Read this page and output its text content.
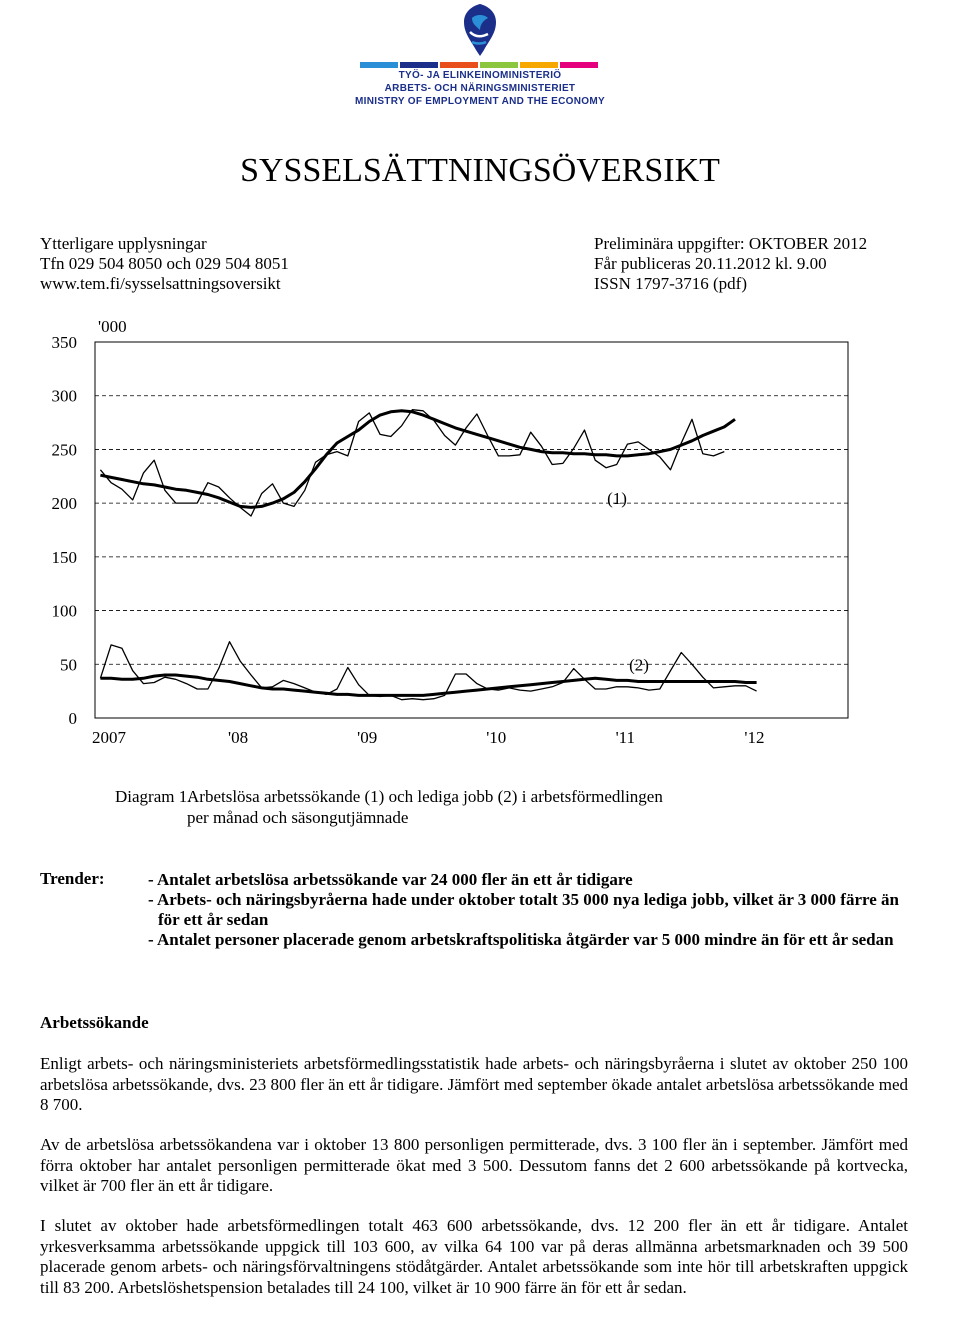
TYÖ- JA ELINKEINOMINISTERIÖ
ARBETS- OCH NÄRINGSMINISTERIET
MINISTRY OF EMPLOYMENT AND THE ECONOMY
SYSSELSÄTTNINGSÖVERSIKT
Ytterligare upplysningar
Tfn 029 504 8050 och 029 504 8051
www.tem.fi/sysselsattningsoversikt
Preliminära uppgifter: OKTOBER 2012
Får publiceras 20.11.2012 kl. 9.00
ISSN 1797-3716 (pdf)
0
50
100
150
200
250
300
350
'000
2007	'08	'09	'10	'11	'12
(1)
(2)
Diagram 1.
Arbetslösa arbetssökande (1) och lediga jobb (2) i arbetsförmedlingen
per månad och säsongutjämnade
Trender:	- Antalet arbetslösa arbetssökande var 24 000 fler än ett år tidigare
- Arbets- och näringsbyråerna hade under oktober totalt 35 000 nya lediga jobb, vilket är 3 000 färre än för ett år sedan
- Antalet personer placerade genom arbetskraftspolitiska åtgärder var 5 000 mindre än för ett år sedan
Arbetssökande

Enligt arbets- och näringsministeriets arbetsförmedlingsstatistik hade arbets- och näringsbyråerna i slutet av oktober 250 100 arbetslösa arbetssökande, dvs. 23 800 fler än ett år tidigare. Jämfört med september ökade antalet arbetslösa arbetssökande med 8 700.

Av de arbetslösa arbetssökandena var i oktober 13 800 personligen permitterade, dvs. 3 100 fler än i september. Jämfört med förra oktober har antalet personligen permitterade ökat med 3 500. Dessutom fanns det 2 600 arbetssökande på kortvecka, vilket är 700 fler än ett år tidigare.

I slutet av oktober hade arbetsförmedlingen totalt 463 600 arbetssökande, dvs. 12 200 fler än ett år tidigare. Antalet yrkesverksamma arbetssökande uppgick till 103 600, av vilka 64 100 var på deras allmänna arbetsmarknaden och 39 500 placerade genom arbets- och näringsförvaltningens stödåtgärder. Antalet arbetssökande som inte hör till arbetskraften uppgick till 83 200. Arbetslöshetspension betalades till 24 100, vilket är 10 900 färre än för ett år sedan.
